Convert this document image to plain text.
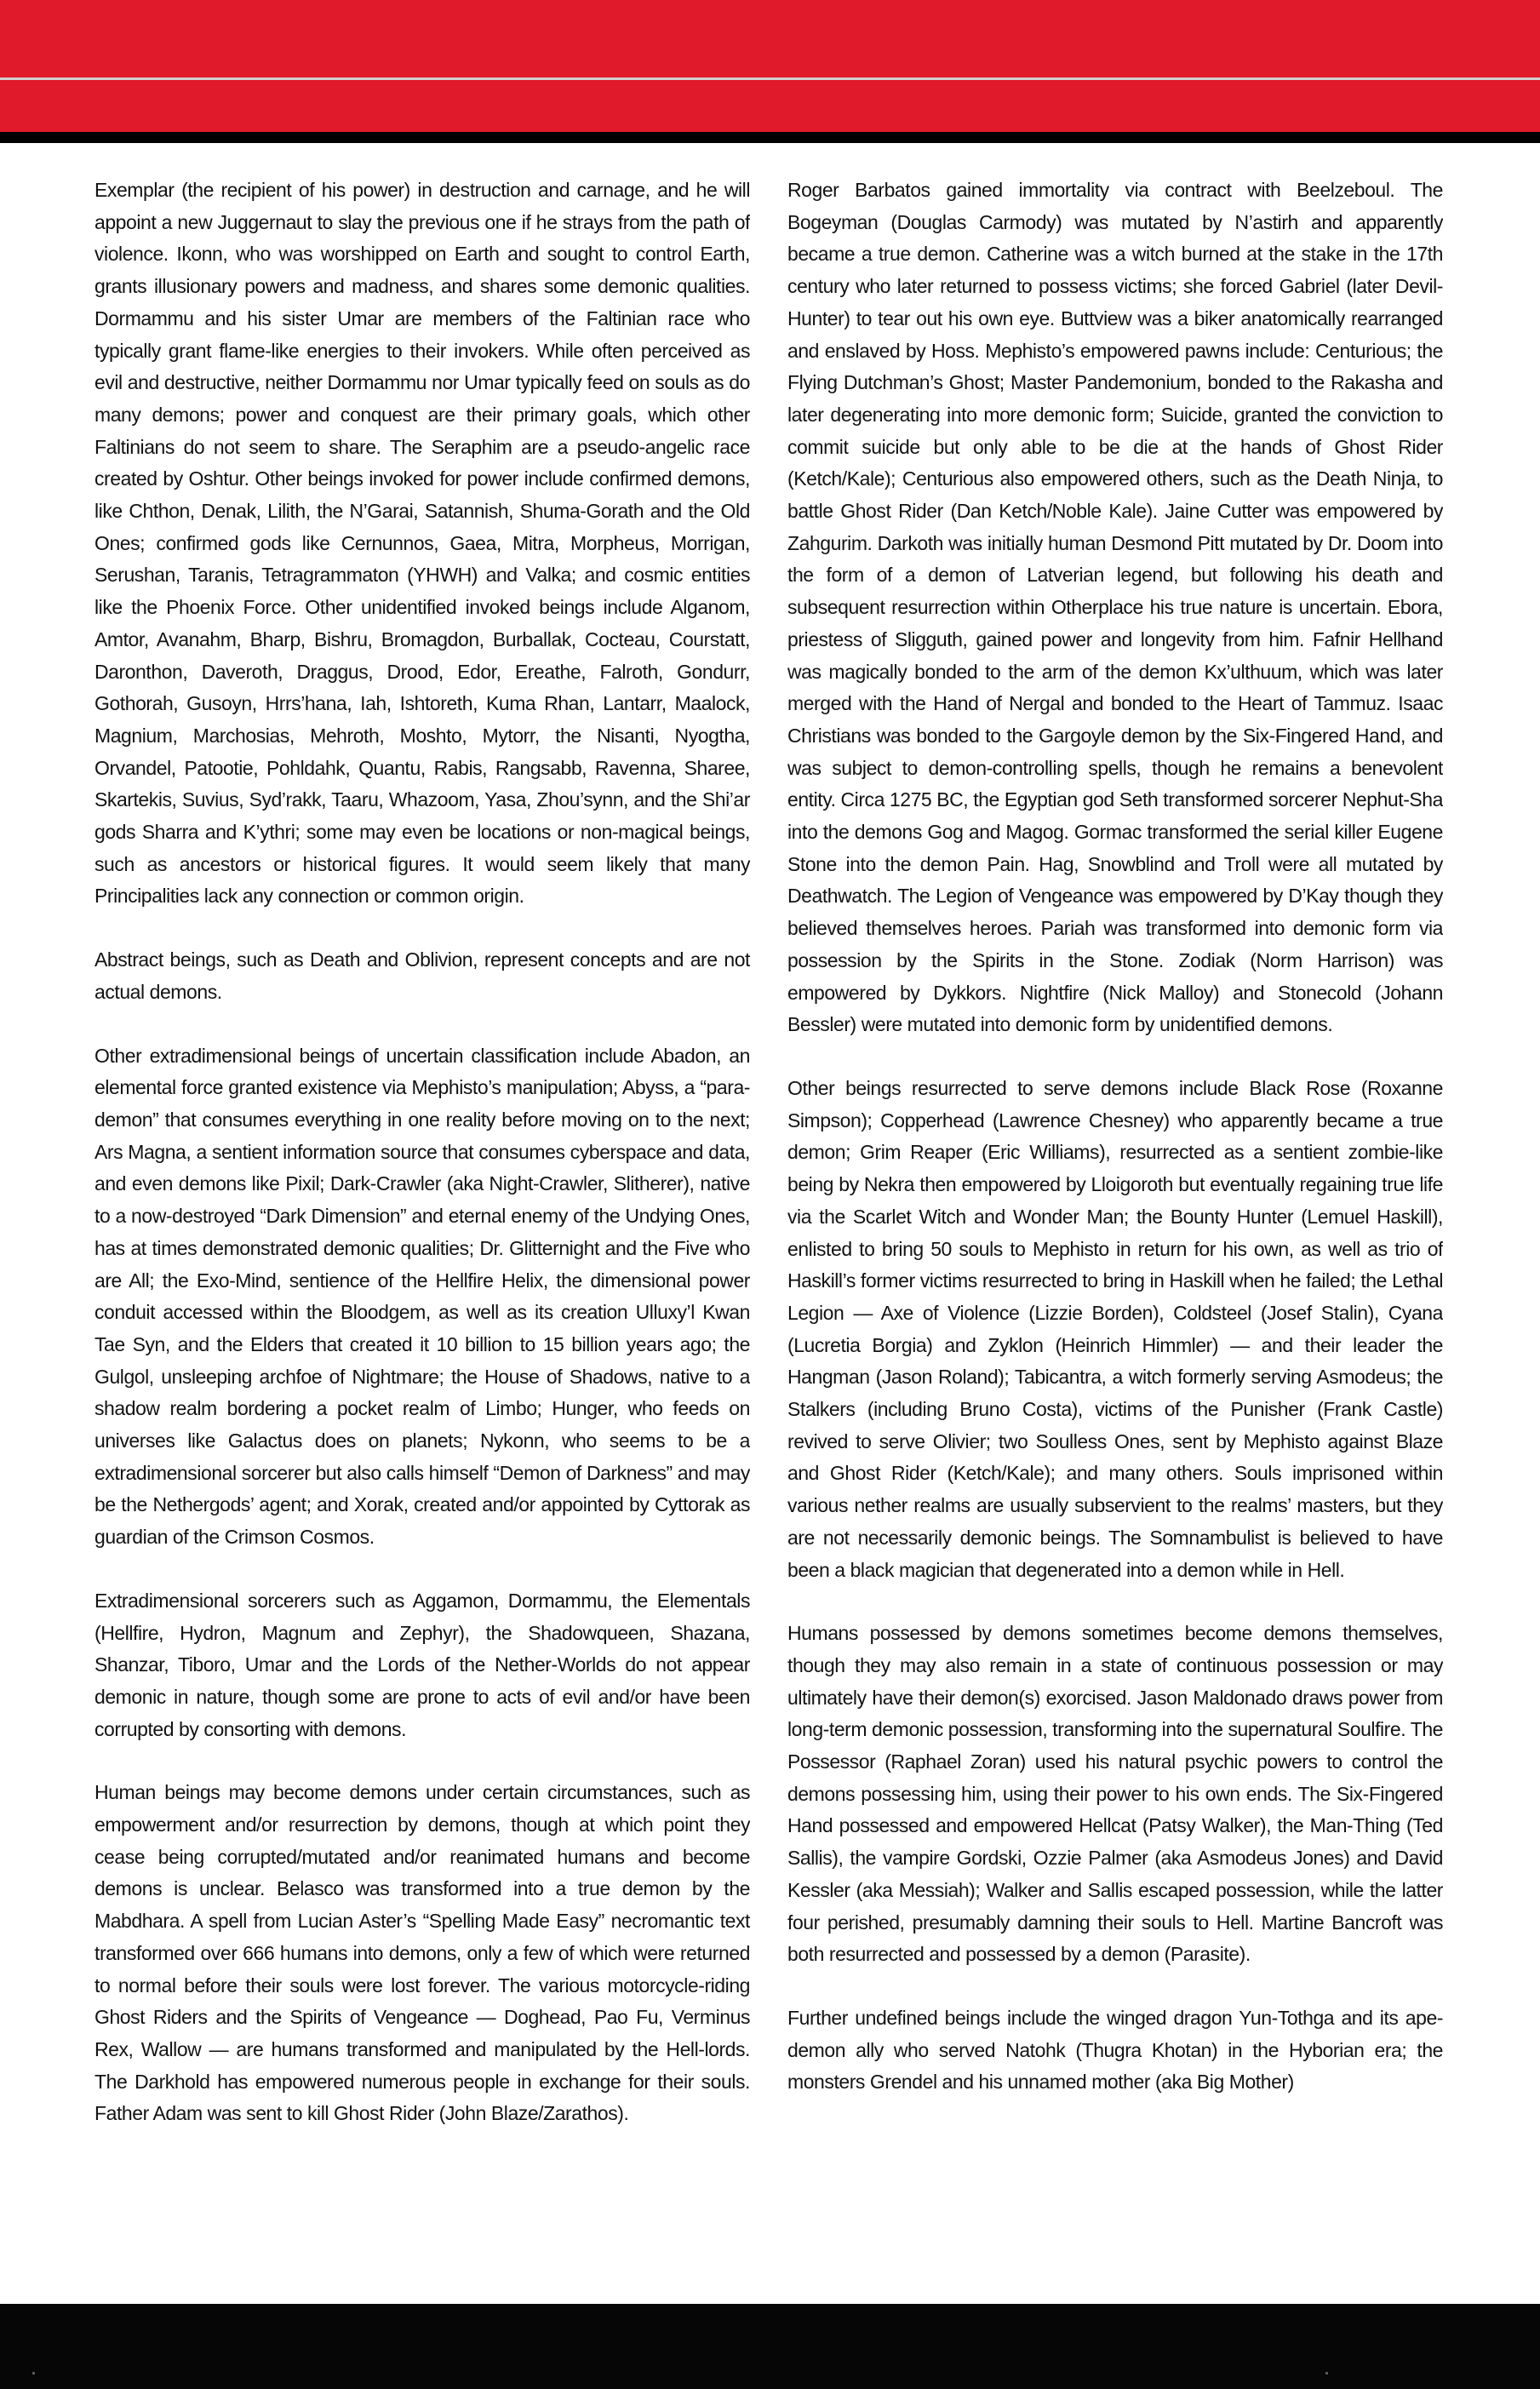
Exemplar (the recipient of his power) in destruction and carnage, and he will appoint a new Juggernaut to slay the previous one if he strays from the path of violence. Ikonn, who was worshipped on Earth and sought to control Earth, grants illusionary powers and madness, and shares some demonic qualities. Dormammu and his sister Umar are members of the Faltinian race who typically grant flame-like energies to their invokers. While often perceived as evil and destructive, neither Dormammu nor Umar typically feed on souls as do many demons; power and conquest are their primary goals, which other Faltinians do not seem to share. The Seraphim are a pseudo-angelic race created by Oshtur. Other beings invoked for power include confirmed demons, like Chthon, Denak, Lilith, the N’Garai, Satannish, Shuma-Gorath and the Old Ones; confirmed gods like Cernunnos, Gaea, Mitra, Morpheus, Morrigan, Serushan, Taranis, Tetragrammaton (YHWH) and Valka; and cosmic entities like the Phoenix Force. Other unidentified invoked beings include Alganom, Amtor, Avanahm, Bharp, Bishru, Bromagdon, Burballak, Cocteau, Courstatt, Daronthon, Daveroth, Draggus, Drood, Edor, Ereathe, Falroth, Gondurr, Gothorah, Gusoyn, Hrrs’hana, Iah, Ishtoreth, Kuma Rhan, Lantarr, Maalock, Magnium, Marchosias, Mehroth, Moshto, Mytorr, the Nisanti, Nyogtha, Orvandel, Patootie, Pohldahk, Quantu, Rabis, Rangsabb, Ravenna, Sharee, Skartekis, Suvius, Syd’rakk, Taaru, Whazoom, Yasa, Zhou’synn, and the Shi’ar gods Sharra and K’ythri; some may even be locations or non-magical beings, such as ancestors or historical figures. It would seem likely that many Principalities lack any connection or common origin.

Abstract beings, such as Death and Oblivion, represent concepts and are not actual demons.

Other extradimensional beings of uncertain classification include Abadon, an elemental force granted existence via Mephisto’s manipulation; Abyss, a “para-demon” that consumes everything in one reality before moving on to the next; Ars Magna, a sentient information source that consumes cyberspace and data, and even demons like Pixil; Dark-Crawler (aka Night-Crawler, Slitherer), native to a now-destroyed “Dark Dimension” and eternal enemy of the Undying Ones, has at times demonstrated demonic qualities; Dr. Glitternight and the Five who are All; the Exo-Mind, sentience of the Hellfire Helix, the dimensional power conduit accessed within the Bloodgem, as well as its creation Ulluxy’l Kwan Tae Syn, and the Elders that created it 10 billion to 15 billion years ago; the Gulgol, unsleeping archfoe of Nightmare; the House of Shadows, native to a shadow realm bordering a pocket realm of Limbo; Hunger, who feeds on universes like Galactus does on planets; Nykonn, who seems to be a extradimensional sorcerer but also calls himself “Demon of Darkness” and may be the Nethergods’ agent; and Xorak, created and/or appointed by Cyttorak as guardian of the Crimson Cosmos.

Extradimensional sorcerers such as Aggamon, Dormammu, the Elementals (Hellfire, Hydron, Magnum and Zephyr), the Shadowqueen, Shazana, Shanzar, Tiboro, Umar and the Lords of the Nether-Worlds do not appear demonic in nature, though some are prone to acts of evil and/or have been corrupted by consorting with demons.

Human beings may become demons under certain circumstances, such as empowerment and/or resurrection by demons, though at which point they cease being corrupted/mutated and/or reanimated humans and become demons is unclear. Belasco was transformed into a true demon by the Mabdhara. A spell from Lucian Aster’s “Spelling Made Easy” necromantic text transformed over 666 humans into demons, only a few of which were returned to normal before their souls were lost forever. The various motorcycle-riding Ghost Riders and the Spirits of Vengeance — Doghead, Pao Fu, Verminus Rex, Wallow — are humans transformed and manipulated by the Hell-lords. The Darkhold has empowered numerous people in exchange for their souls. Father Adam was sent to kill Ghost Rider (John Blaze/Zarathos).

Roger Barbatos gained immortality via contract with Beelzeboul. The Bogeyman (Douglas Carmody) was mutated by N’astirh and apparently became a true demon. Catherine was a witch burned at the stake in the 17th century who later returned to possess victims; she forced Gabriel (later Devil-Hunter) to tear out his own eye. Buttview was a biker anatomically rearranged and enslaved by Hoss. Mephisto’s empowered pawns include: Centurious; the Flying Dutchman’s Ghost; Master Pandemonium, bonded to the Rakasha and later degenerating into more demonic form; Suicide, granted the conviction to commit suicide but only able to be die at the hands of Ghost Rider (Ketch/Kale); Centurious also empowered others, such as the Death Ninja, to battle Ghost Rider (Dan Ketch/Noble Kale). Jaine Cutter was empowered by Zahgurim. Darkoth was initially human Desmond Pitt mutated by Dr. Doom into the form of a demon of Latverian legend, but following his death and subsequent resurrection within Otherplace his true nature is uncertain. Ebora, priestess of Sligguth, gained power and longevity from him. Fafnir Hellhand was magically bonded to the arm of the demon Kx’ulthuum, which was later merged with the Hand of Nergal and bonded to the Heart of Tammuz. Isaac Christians was bonded to the Gargoyle demon by the Six-Fingered Hand, and was subject to demon-controlling spells, though he remains a benevolent entity. Circa 1275 BC, the Egyptian god Seth transformed sorcerer Nephut-Sha into the demons Gog and Magog. Gormac transformed the serial killer Eugene Stone into the demon Pain. Hag, Snowblind and Troll were all mutated by Deathwatch. The Legion of Vengeance was empowered by D’Kay though they believed themselves heroes. Pariah was transformed into demonic form via possession by the Spirits in the Stone. Zodiak (Norm Harrison) was empowered by Dykkors. Nightfire (Nick Malloy) and Stonecold (Johann Bessler) were mutated into demonic form by unidentified demons.

Other beings resurrected to serve demons include Black Rose (Roxanne Simpson); Copperhead (Lawrence Chesney) who apparently became a true demon; Grim Reaper (Eric Williams), resurrected as a sentient zombie-like being by Nekra then empowered by Lloigoroth but eventually regaining true life via the Scarlet Witch and Wonder Man; the Bounty Hunter (Lemuel Haskill), enlisted to bring 50 souls to Mephisto in return for his own, as well as trio of Haskill’s former victims resurrected to bring in Haskill when he failed; the Lethal Legion — Axe of Violence (Lizzie Borden), Coldsteel (Josef Stalin), Cyana (Lucretia Borgia) and Zyklon (Heinrich Himmler) — and their leader the Hangman (Jason Roland); Tabicantra, a witch formerly serving Asmodeus; the Stalkers (including Bruno Costa), victims of the Punisher (Frank Castle) revived to serve Olivier; two Soulless Ones, sent by Mephisto against Blaze and Ghost Rider (Ketch/Kale); and many others. Souls imprisoned within various nether realms are usually subservient to the realms’ masters, but they are not necessarily demonic beings. The Somnambulist is believed to have been a black magician that degenerated into a demon while in Hell.

Humans possessed by demons sometimes become demons themselves, though they may also remain in a state of continuous possession or may ultimately have their demon(s) exorcised. Jason Maldonado draws power from long-term demonic possession, transforming into the supernatural Soulfire. The Possessor (Raphael Zoran) used his natural psychic powers to control the demons possessing him, using their power to his own ends. The Six-Fingered Hand possessed and empowered Hellcat (Patsy Walker), the Man-Thing (Ted Sallis), the vampire Gordski, Ozzie Palmer (aka Asmodeus Jones) and David Kessler (aka Messiah); Walker and Sallis escaped possession, while the latter four perished, presumably damning their souls to Hell. Martine Bancroft was both resurrected and possessed by a demon (Parasite).

Further undefined beings include the winged dragon Yun-Tothga and its ape-demon ally who served Natohk (Thugra Khotan) in the Hyborian era; the monsters Grendel and his unnamed mother (aka Big Mother)
